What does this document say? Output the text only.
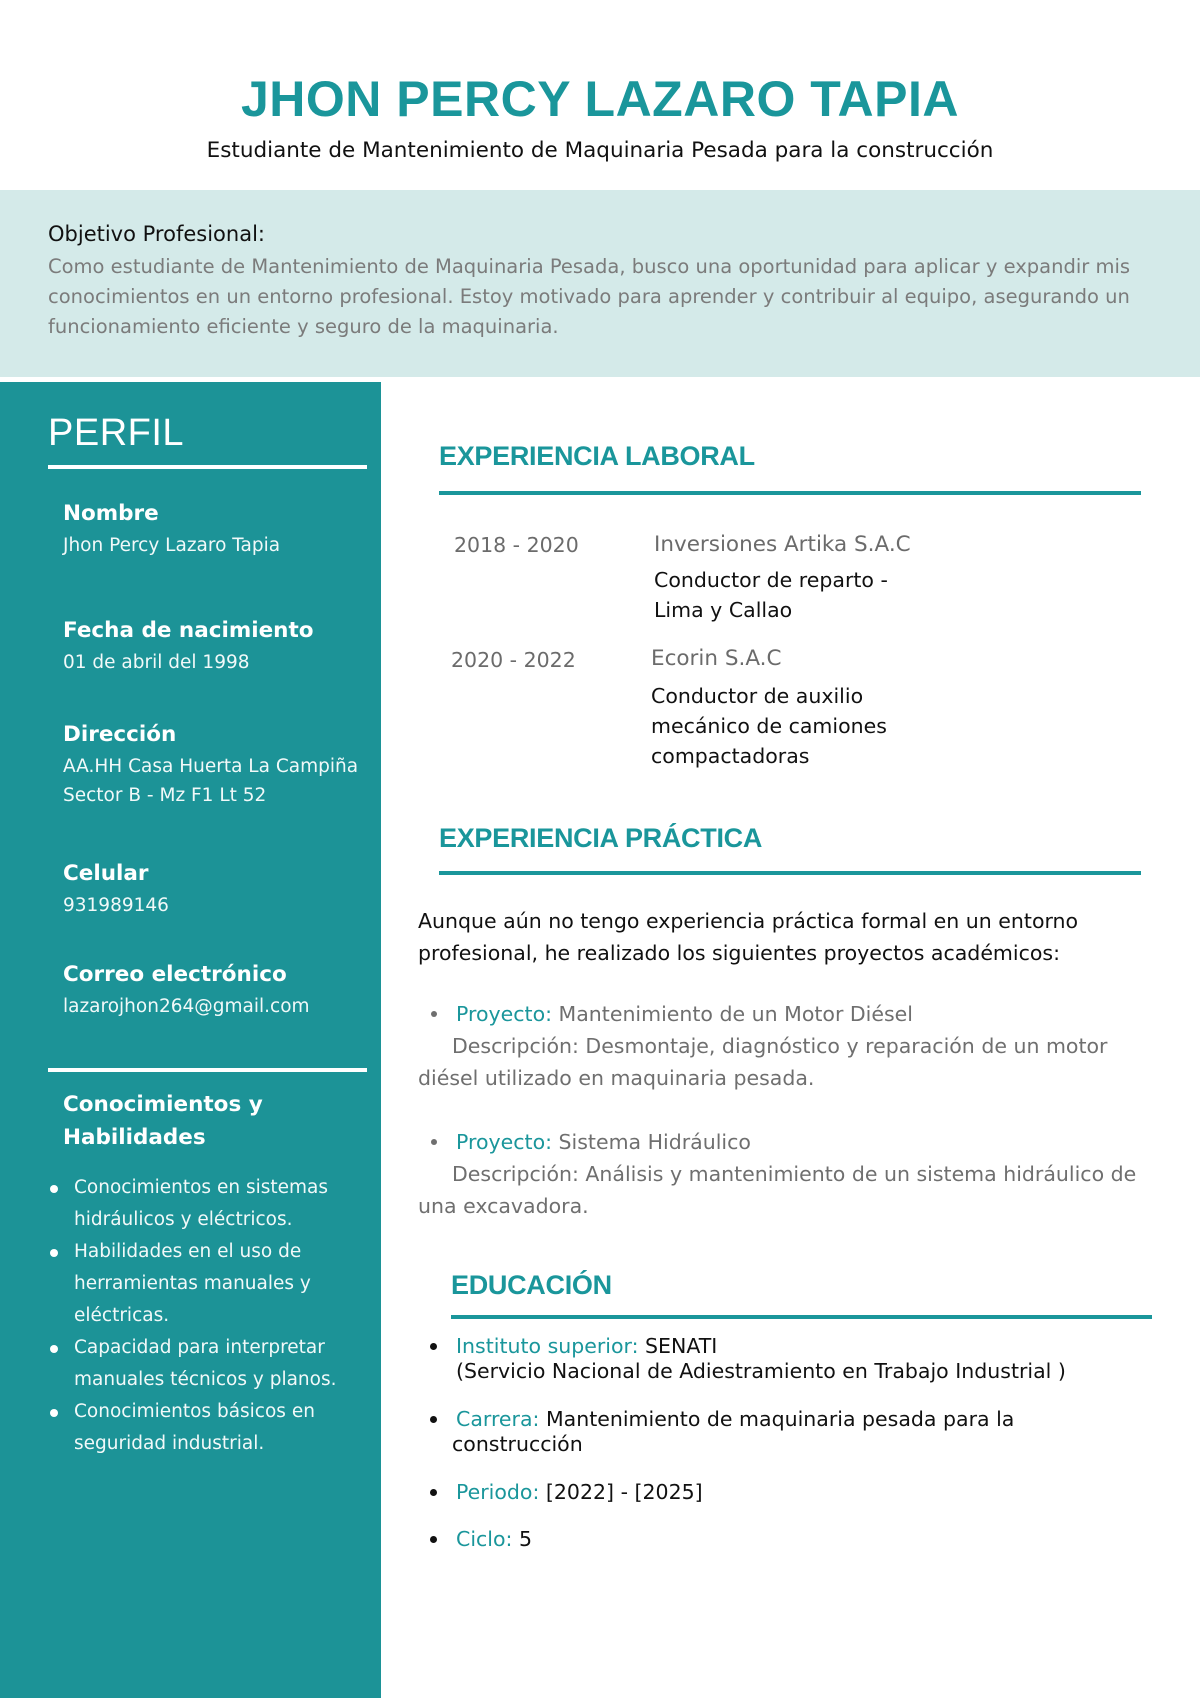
JHON PERCY LAZARO TAPIA
Estudiante de Mantenimiento de Maquinaria Pesada para la construcción
Objetivo Profesional:
Como estudiante de Mantenimiento de Maquinaria Pesada, busco una oportunidad para aplicar y expandir mis conocimientos en un entorno profesional. Estoy motivado para aprender y contribuir al equipo, asegurando un funcionamiento eficiente y seguro de la maquinaria.
PERFIL
Nombre
Jhon Percy Lazaro Tapia
Fecha de nacimiento
01 de abril del 1998
Dirección
AA.HH Casa Huerta La Campiña
Sector B - Mz F1 Lt 52
Celular
931989146
Correo electrónico
lazarojhon264@gmail.com
Conocimientos y Habilidades
Conocimientos en sistemas hidráulicos y eléctricos.
Habilidades en el uso de herramientas manuales y eléctricas.
Capacidad para interpretar manuales técnicos y planos.
Conocimientos básicos en seguridad industrial.
EXPERIENCIA LABORAL
2018 - 2020	Inversiones Artika S.A.C
Conductor de reparto -
Lima y Callao
2020 - 2022	Ecorin S.A.C
Conductor de auxilio
mecánico de camiones
compactadoras
EXPERIENCIA PRÁCTICA
Aunque aún no tengo experiencia práctica formal en un entorno profesional, he realizado los siguientes proyectos académicos:
Proyecto: Mantenimiento de un Motor Diésel
Descripción: Desmontaje, diagnóstico y reparación de un motor diésel utilizado en maquinaria pesada.
Proyecto: Sistema Hidráulico
Descripción: Análisis y mantenimiento de un sistema hidráulico de una excavadora.
EDUCACIÓN
Instituto superior: SENATI
(Servicio Nacional de Adiestramiento en Trabajo Industrial )
Carrera: Mantenimiento de maquinaria pesada para la
construcción
Periodo: [2022] - [2025]
Ciclo: 5
